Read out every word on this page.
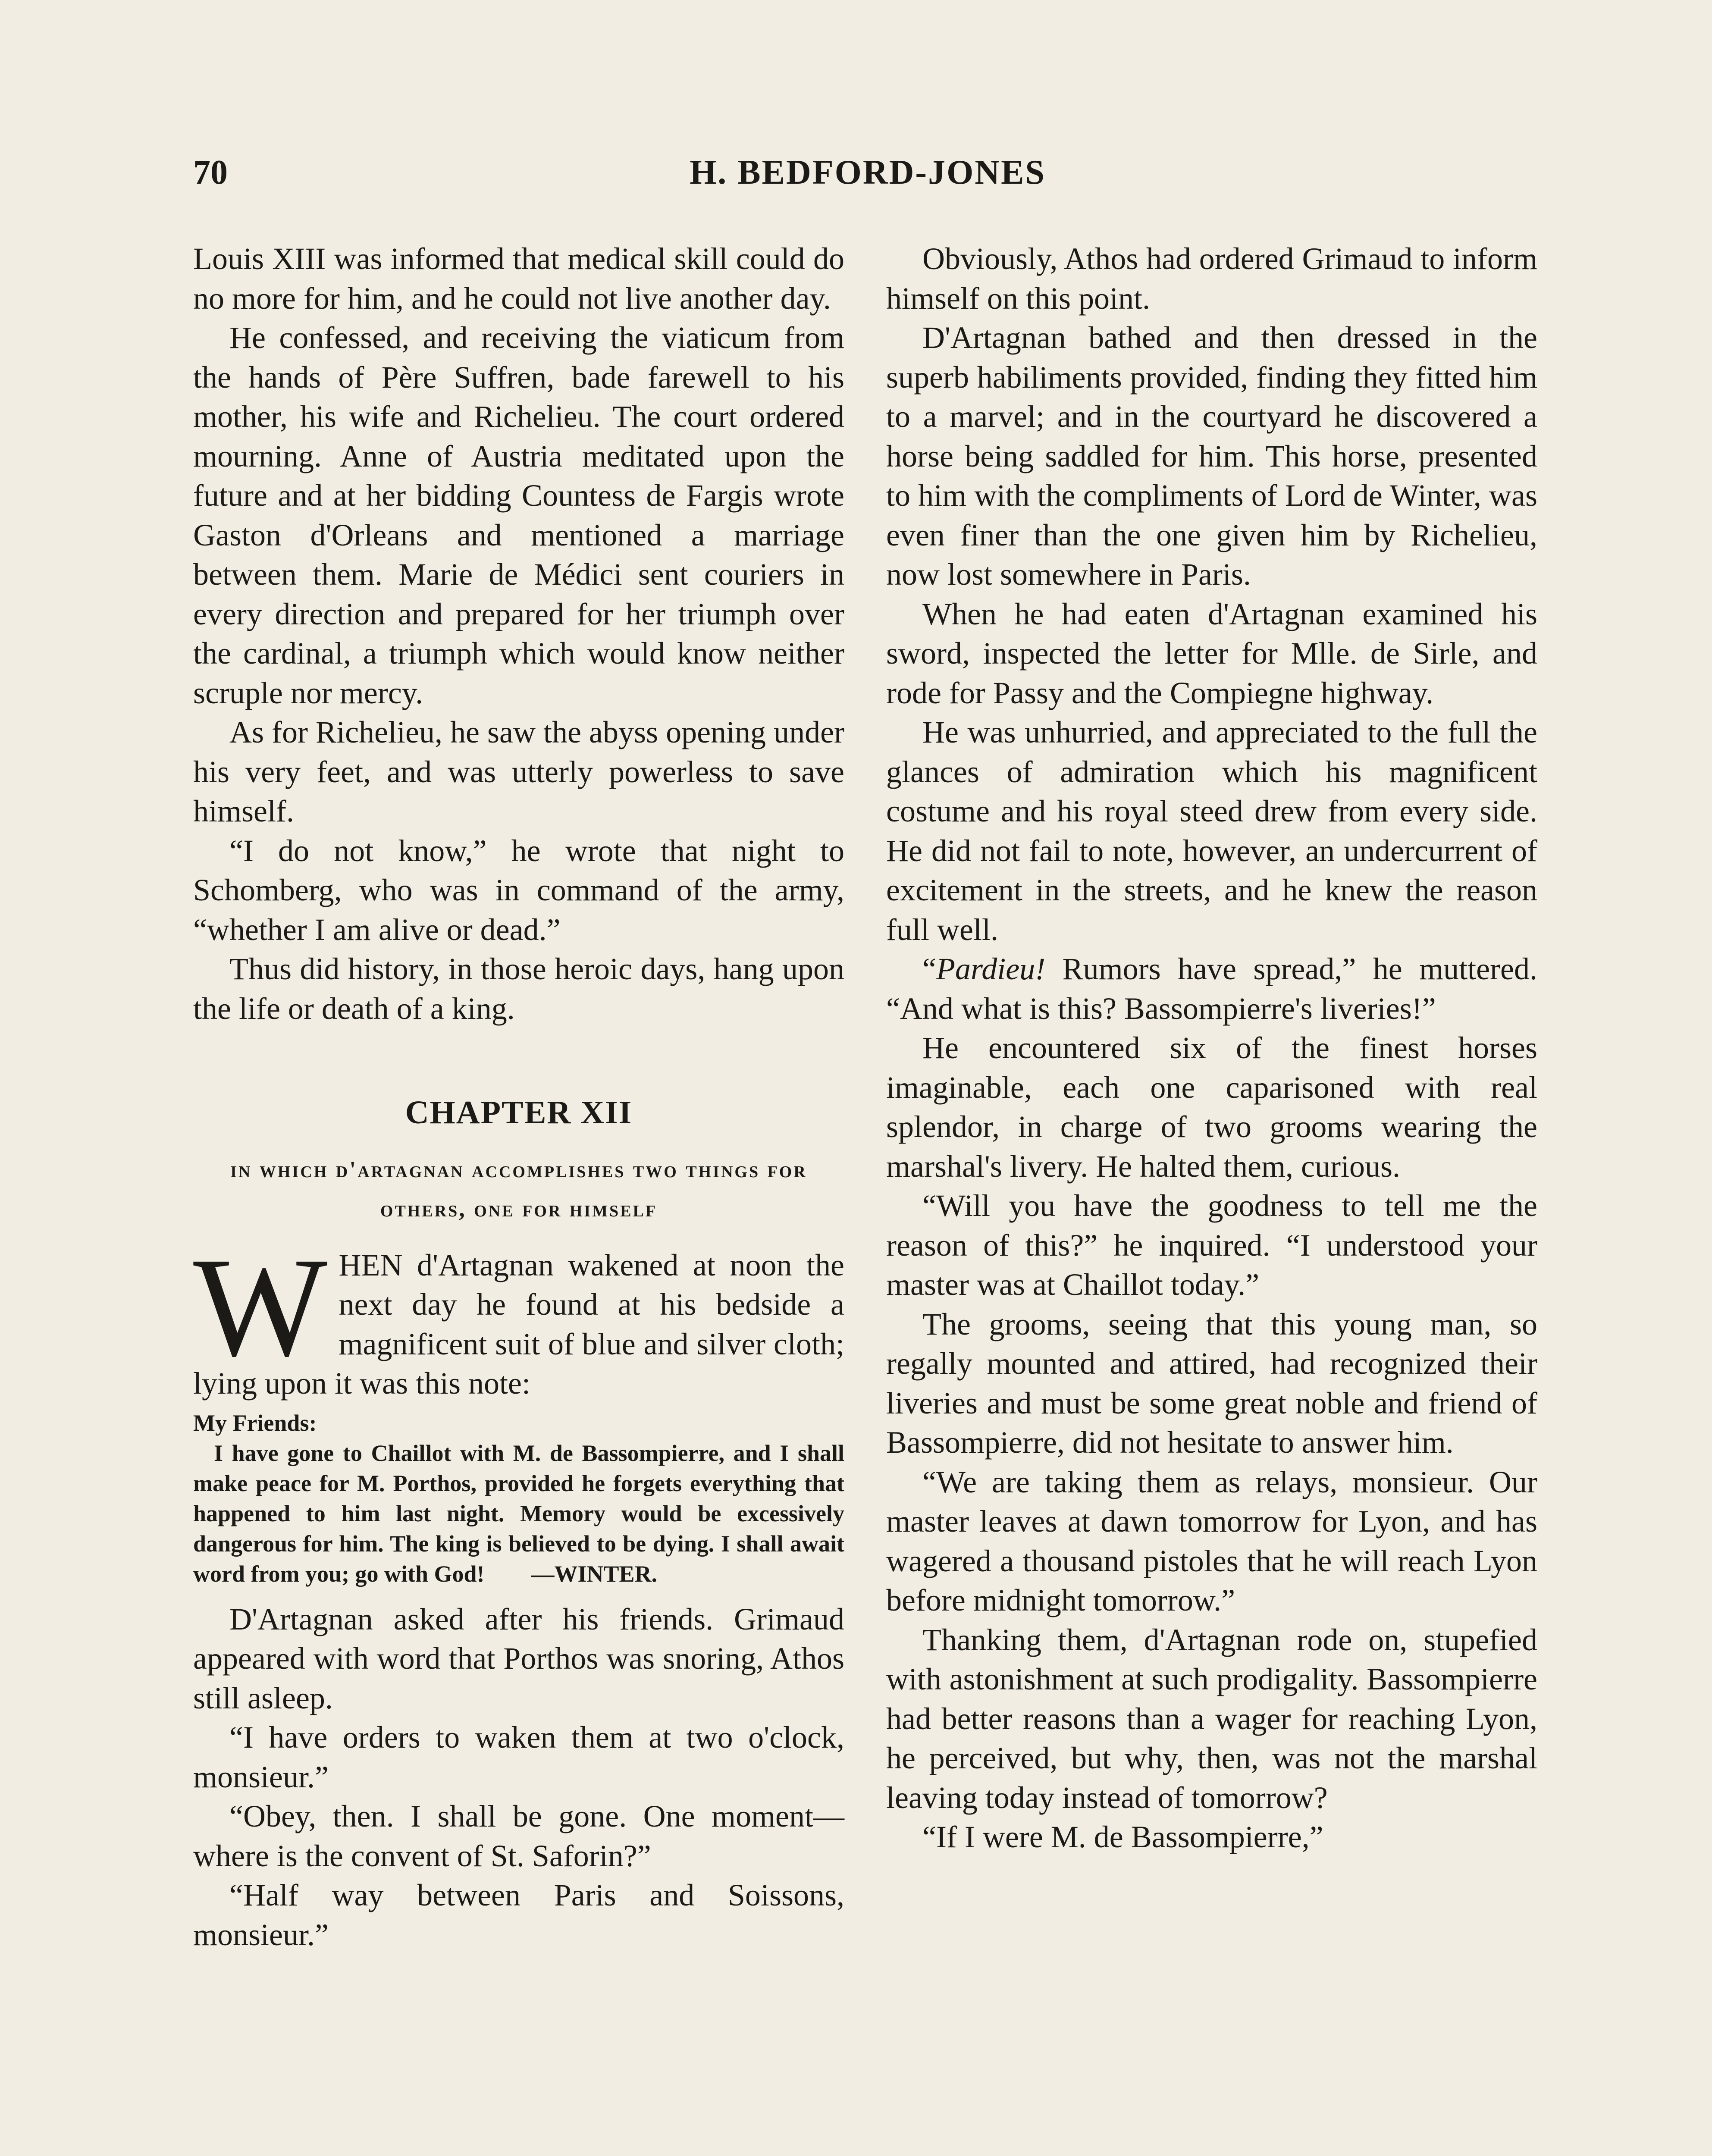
70	H. BEDFORD-JONES

Louis XIII was informed that medical skill could do no more for him, and he could not live another day.

He confessed, and receiving the viaticum from the hands of Père Suffren, bade farewell to his mother, his wife and Richelieu. The court ordered mourning. Anne of Austria meditated upon the future and at her bidding Countess de Fargis wrote Gaston d'Orleans and mentioned a marriage between them. Marie de Médici sent couriers in every direction and prepared for her triumph over the cardinal, a triumph which would know neither scruple nor mercy.

As for Richelieu, he saw the abyss opening under his very feet, and was utterly powerless to save himself.

“I do not know,” he wrote that night to Schomberg, who was in command of the army, “whether I am alive or dead.”

Thus did history, in those heroic days, hang upon the life or death of a king.

CHAPTER XII
in which d'artagnan accomplishes two things for others, one for himself

WHEN d'Artagnan wakened at noon the next day he found at his bedside a magnificent suit of blue and silver cloth; lying upon it was this note:

My Friends:

I have gone to Chaillot with M. de Bassompierre, and I shall make peace for M. Porthos, provided he forgets everything that happened to him last night. Memory would be excessively dangerous for him. The king is believed to be dying. I shall await word from you; go with God! —WINTER.

D'Artagnan asked after his friends. Grimaud appeared with word that Porthos was snoring, Athos still asleep.

“I have orders to waken them at two o'clock, monsieur.”

“Obey, then. I shall be gone. One moment—where is the convent of St. Saforin?”

“Half way between Paris and Soissons, monsieur.”

Obviously, Athos had ordered Grimaud to inform himself on this point.

D'Artagnan bathed and then dressed in the superb habiliments provided, finding they fitted him to a marvel; and in the courtyard he discovered a horse being saddled for him. This horse, presented to him with the compliments of Lord de Winter, was even finer than the one given him by Richelieu, now lost somewhere in Paris.

When he had eaten d'Artagnan examined his sword, inspected the letter for Mlle. de Sirle, and rode for Passy and the Compiegne highway.

He was unhurried, and appreciated to the full the glances of admiration which his magnificent costume and his royal steed drew from every side. He did not fail to note, however, an undercurrent of excitement in the streets, and he knew the reason full well.

“Pardieu! Rumors have spread,” he muttered. “And what is this? Bassompierre's liveries!”

He encountered six of the finest horses imaginable, each one caparisoned with real splendor, in charge of two grooms wearing the marshal's livery. He halted them, curious.

“Will you have the goodness to tell me the reason of this?” he inquired. “I understood your master was at Chaillot today.”

The grooms, seeing that this young man, so regally mounted and attired, had recognized their liveries and must be some great noble and friend of Bassompierre, did not hesitate to answer him.

“We are taking them as relays, monsieur. Our master leaves at dawn tomorrow for Lyon, and has wagered a thousand pistoles that he will reach Lyon before midnight tomorrow.”

Thanking them, d'Artagnan rode on, stupefied with astonishment at such prodigality. Bassompierre had better reasons than a wager for reaching Lyon, he perceived, but why, then, was not the marshal leaving today instead of tomorrow?

“If I were M. de Bassompierre,”
